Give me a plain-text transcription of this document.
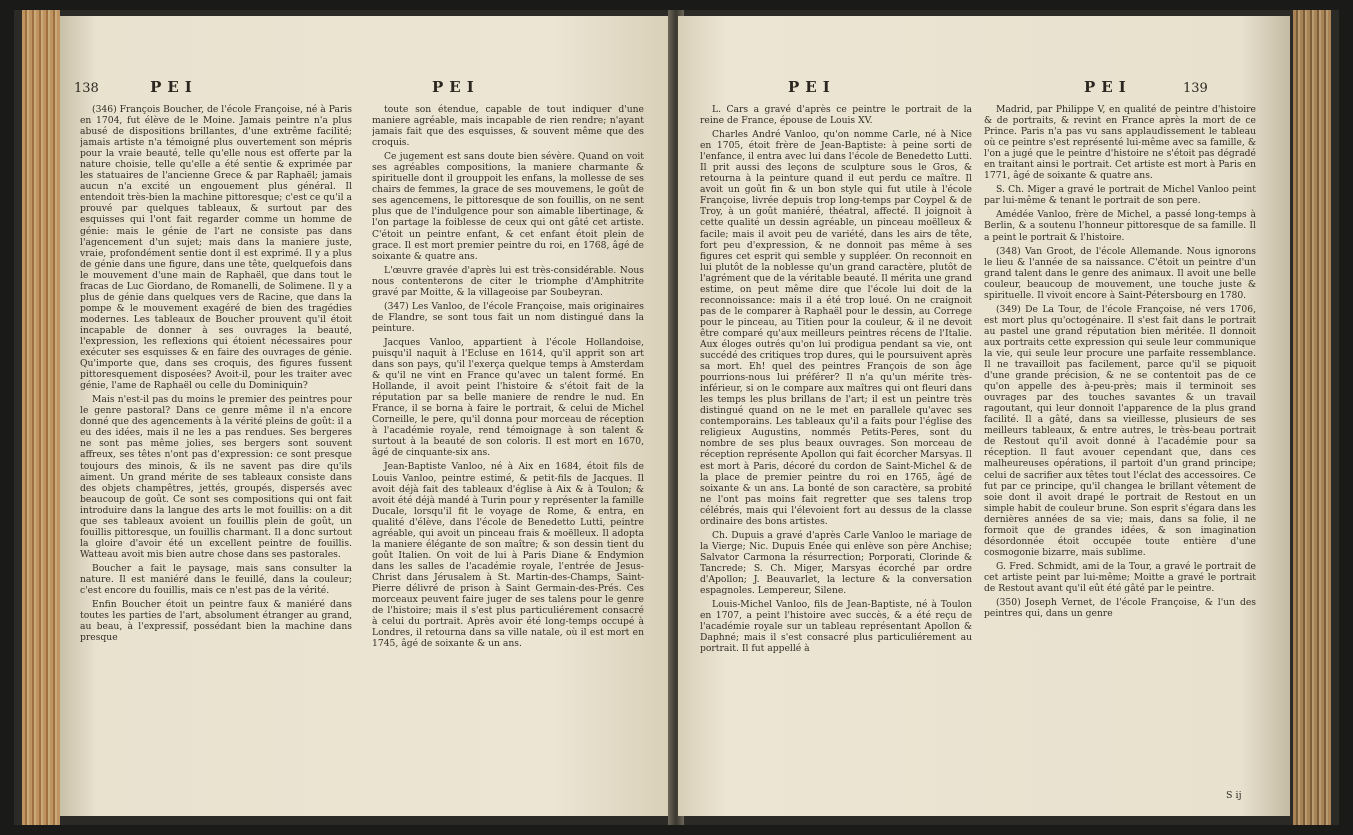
138	PEI	PEI

(346) François Boucher, de l'école Françoise, né à Paris en 1704, fut élève de le Moine. Jamais peintre n'a plus abusé de dispositions brillantes, d'une extrême facilité; jamais artiste n'a témoigné plus ouvertement son mépris pour la vraie beauté, telle qu'elle nous est offerte par la nature choisie, telle qu'elle a été sentie & exprimée par les statuaires de l'ancienne Grece & par Raphaël; jamais aucun n'a excité un engouement plus général. Il entendoit très-bien la machine pittoresque; c'est ce qu'il a prouvé par quelques tableaux, & surtout par des esquisses qui l'ont fait regarder comme un homme de génie: mais le génie de l'art ne consiste pas dans l'agencement d'un sujet; mais dans la maniere juste, vraie, profondément sentie dont il est exprimé. Il y a plus de génie dans une figure, dans une tête, quelquefois dans le mouvement d'une main de Raphaël, que dans tout le fracas de Luc Giordano, de Romanelli, de Solimene. Il y a plus de génie dans quelques vers de Racine, que dans la pompe & le mouvement exagéré de bien des tragédies modernes. Les tableaux de Boucher prouvent qu'il étoit incapable de donner à ses ouvrages la beauté, l'expression, les reflexions qui étoient nécessaires pour exécuter ses esquisses & en faire des ouvrages de génie. Qu'importe que, dans ses croquis, des figures fussent pittoresquement disposées? Avoit-il, pour les traiter avec génie, l'ame de Raphaël ou celle du Dominiquin?

Mais n'est-il pas du moins le premier des peintres pour le genre pastoral? Dans ce genre même il n'a encore donné que des agencements à la vérité pleins de goût: il a eu des idées, mais il ne les a pas rendues. Ses bergeres ne sont pas même jolies, ses bergers sont souvent affreux, ses têtes n'ont pas d'expression: ce sont presque toujours des minois, & ils ne savent pas dire qu'ils aiment. Un grand mérite de ses tableaux consiste dans des objets champêtres, jettés, groupés, dispersés avec beaucoup de goût. Ce sont ses compositions qui ont fait introduire dans la langue des arts le mot fouillis: on a dit que ses tableaux avoient un fouillis plein de goût, un fouillis pittoresque, un fouillis charmant. Il a donc surtout la gloire d'avoir été un excellent peintre de fouillis. Watteau avoit mis bien autre chose dans ses pastorales.

Boucher a fait le paysage, mais sans consulter la nature. Il est maniéré dans le feuillé, dans la couleur; c'est encore du fouillis, mais ce n'est pas de la vérité.

Enfin Boucher étoit un peintre faux & maniéré dans toutes les parties de l'art, absolument étranger au grand, au beau, à l'expressif, possédant bien la machine dans presque

toute son étendue, capable de tout indiquer d'une maniere agréable, mais incapable de rien rendre; n'ayant jamais fait que des esquisses, & souvent même que des croquis.

Ce jugement est sans doute bien sévère. Quand on voit ses agréables compositions, la maniere charmante & spirituelle dont il grouppoit les enfans, la mollesse de ses chairs de femmes, la grace de ses mouvemens, le goût de ses agencemens, le pittoresque de son fouillis, on ne sent plus que de l'indulgence pour son aimable libertinage, & l'on partage la foiblesse de ceux qui ont gâté cet artiste. C'étoit un peintre enfant, & cet enfant étoit plein de grace. Il est mort premier peintre du roi, en 1768, âgé de soixante & quatre ans.

L'œuvre gravée d'après lui est très-considérable. Nous nous contenterons de citer le triomphe d'Amphitrite gravé par Moitte, & la villageoise par Soubeyran.

(347) Les Vanloo, de l'école Françoise, mais originaires de Flandre, se sont tous fait un nom distingué dans la peinture.

Jacques Vanloo, appartient à l'école Hollandoise, puisqu'il naquit à l'Ecluse en 1614, qu'il apprit son art dans son pays, qu'il l'exerça quelque temps à Amsterdam & qu'il ne vint en France qu'avec un talent formé. En Hollande, il avoit peint l'histoire & s'étoit fait de la réputation par sa belle maniere de rendre le nud. En France, il se borna à faire le portrait, & celui de Michel Corneille, le pere, qu'il donna pour morceau de réception à l'académie royale, rend témoignage à son talent & surtout à la beauté de son coloris. Il est mort en 1670, âgé de cinquante-six ans.

Jean-Baptiste Vanloo, né à Aix en 1684, étoit fils de Louis Vanloo, peintre estimé, & petit-fils de Jacques. Il avoit déjà fait des tableaux d'église à Aix & à Toulon; & avoit été déjà mandé à Turin pour y représenter la famille Ducale, lorsqu'il fit le voyage de Rome, & entra, en qualité d'élève, dans l'école de Benedetto Lutti, peintre agréable, qui avoit un pinceau frais & moëlleux. Il adopta la maniere élégante de son maître; & son dessin tient du goût Italien. On voit de lui à Paris Diane & Endymion dans les salles de l'académie royale, l'entrée de Jesus-Christ dans Jérusalem à St. Martin-des-Champs, Saint-Pierre délivré de prison à Saint Germain-des-Prés. Ces morceaux peuvent faire juger de ses talens pour le genre de l'histoire; mais il s'est plus particuliérement consacré à celui du portrait. Après avoir été long-temps occupé à Londres, il retourna dans sa ville natale, où il est mort en 1745, âgé de soixante & un ans.

PEI	PEI	139

L. Cars a gravé d'après ce peintre le portrait de la reine de France, épouse de Louis XV.

Charles André Vanloo, qu'on nomme Carle, né à Nice en 1705, étoit frère de Jean-Baptiste: à peine sorti de l'enfance, il entra avec lui dans l'école de Benedetto Lutti. Il prit aussi des leçons de sculpture sous le Gros, & retourna à la peinture quand il eut perdu ce maître. Il avoit un goût fin & un bon style qui fut utile à l'école Françoise, livrée depuis trop long-temps par Coypel & de Troy, à un goût maniéré, théatral, affecté. Il joignoit à cette qualité un dessin agréable, un pinceau moëlleux & facile; mais il avoit peu de variété, dans les airs de tête, fort peu d'expression, & ne donnoit pas même à ses figures cet esprit qui semble y suppléer. On reconnoit en lui plutôt de la noblesse qu'un grand caractère, plutôt de l'agrément que de la véritable beauté. Il mérita une grand estime, on peut même dire que l'école lui doit de la reconnoissance: mais il a été trop loué. On ne craignoit pas de le comparer à Raphaël pour le dessin, au Correge pour le pinceau, au Titien pour la couleur, & il ne devoit être comparé qu'aux meilleurs peintres récens de l'Italie. Aux éloges outrés qu'on lui prodigua pendant sa vie, ont succédé des critiques trop dures, qui le poursuivent après sa mort. Eh! quel des peintres François de son âge pourrions-nous lui préférer? Il n'a qu'un mérite très-inférieur, si on le compare aux maîtres qui ont fleuri dans les temps les plus brillans de l'art; il est un peintre très distingué quand on ne le met en parallele qu'avec ses contemporains. Les tableaux qu'il a faits pour l'église des religieux Augustins, nommés Petits-Peres, sont du nombre de ses plus beaux ouvrages. Son morceau de réception représente Apollon qui fait écorcher Marsyas. Il est mort à Paris, décoré du cordon de Saint-Michel & de la place de premier peintre du roi en 1765, âgé de soixante & un ans. La bonté de son caractère, sa probité ne l'ont pas moins fait regretter que ses talens trop célébrés, mais qui l'élevoient fort au dessus de la classe ordinaire des bons artistes.

Ch. Dupuis a gravé d'après Carle Vanloo le mariage de la Vierge; Nic. Dupuis Enée qui enlève son père Anchise; Salvator Carmona la résurrection; Porporati, Clorinde & Tancrede; S. Ch. Miger, Marsyas écorché par ordre d'Apollon; J. Beauvarlet, la lecture & la conversation espagnoles. Lempereur, Silene.

Louis-Michel Vanloo, fils de Jean-Baptiste, né à Toulon en 1707, a peint l'histoire avec succès, & a été reçu de l'académie royale sur un tableau représentant Apollon & Daphné; mais il s'est consacré plus particuliérement au portrait. Il fut appellé à

Madrid, par Philippe V, en qualité de peintre d'histoire & de portraits, & revint en France après la mort de ce Prince. Paris n'a pas vu sans applaudissement le tableau où ce peintre s'est représenté lui-même avec sa famille, & l'on a jugé que le peintre d'histoire ne s'étoit pas dégradé en traitant ainsi le portrait. Cet artiste est mort à Paris en 1771, âgé de soixante & quatre ans.

S. Ch. Miger a gravé le portrait de Michel Vanloo peint par lui-même & tenant le portrait de son pere.

Amédée Vanloo, frère de Michel, a passé long-temps à Berlin, & a soutenu l'honneur pittoresque de sa famille. Il a peint le portrait & l'histoire.

(348) Van Groot, de l'école Allemande. Nous ignorons le lieu & l'année de sa naissance. C'étoit un peintre d'un grand talent dans le genre des animaux. Il avoit une belle couleur, beaucoup de mouvement, une touche juste & spirituelle. Il vivoit encore à Saint-Pétersbourg en 1780.

(349) De La Tour, de l'école Françoise, né vers 1706, est mort plus qu'octogénaire. Il s'est fait dans le portrait au pastel une grand réputation bien méritée. Il donnoit aux portraits cette expression qui seule leur communique la vie, qui seule leur procure une parfaite ressemblance. Il ne travailloit pas facilement, parce qu'il se piquoit d'une grande précision, & ne se contentoit pas de ce qu'on appelle des à-peu-près; mais il terminoit ses ouvrages par des touches savantes & un travail ragoutant, qui leur donnoit l'apparence de la plus grand facilité. Il a gâté, dans sa vieillesse, plusieurs de ses meilleurs tableaux, & entre autres, le très-beau portrait de Restout qu'il avoit donné à l'académie pour sa réception. Il faut avouer cependant que, dans ces malheureuses opérations, il partoit d'un grand principe; celui de sacrifier aux têtes tout l'éclat des accessoires. Ce fut par ce principe, qu'il changea le brillant vêtement de soie dont il avoit drapé le portrait de Restout en un simple habit de couleur brune. Son esprit s'égara dans les dernières années de sa vie; mais, dans sa folie, il ne formoit que de grandes idées, & son imagination désordonnée étoit occupée toute entière d'une cosmogonie bizarre, mais sublime.

G. Fred. Schmidt, ami de la Tour, a gravé le portrait de cet artiste peint par lui-même; Moitte a gravé le portrait de Restout avant qu'il eût été gâté par le peintre.

(350) Joseph Vernet, de l'école Françoise, & l'un des peintres qui, dans un genre

S ij
